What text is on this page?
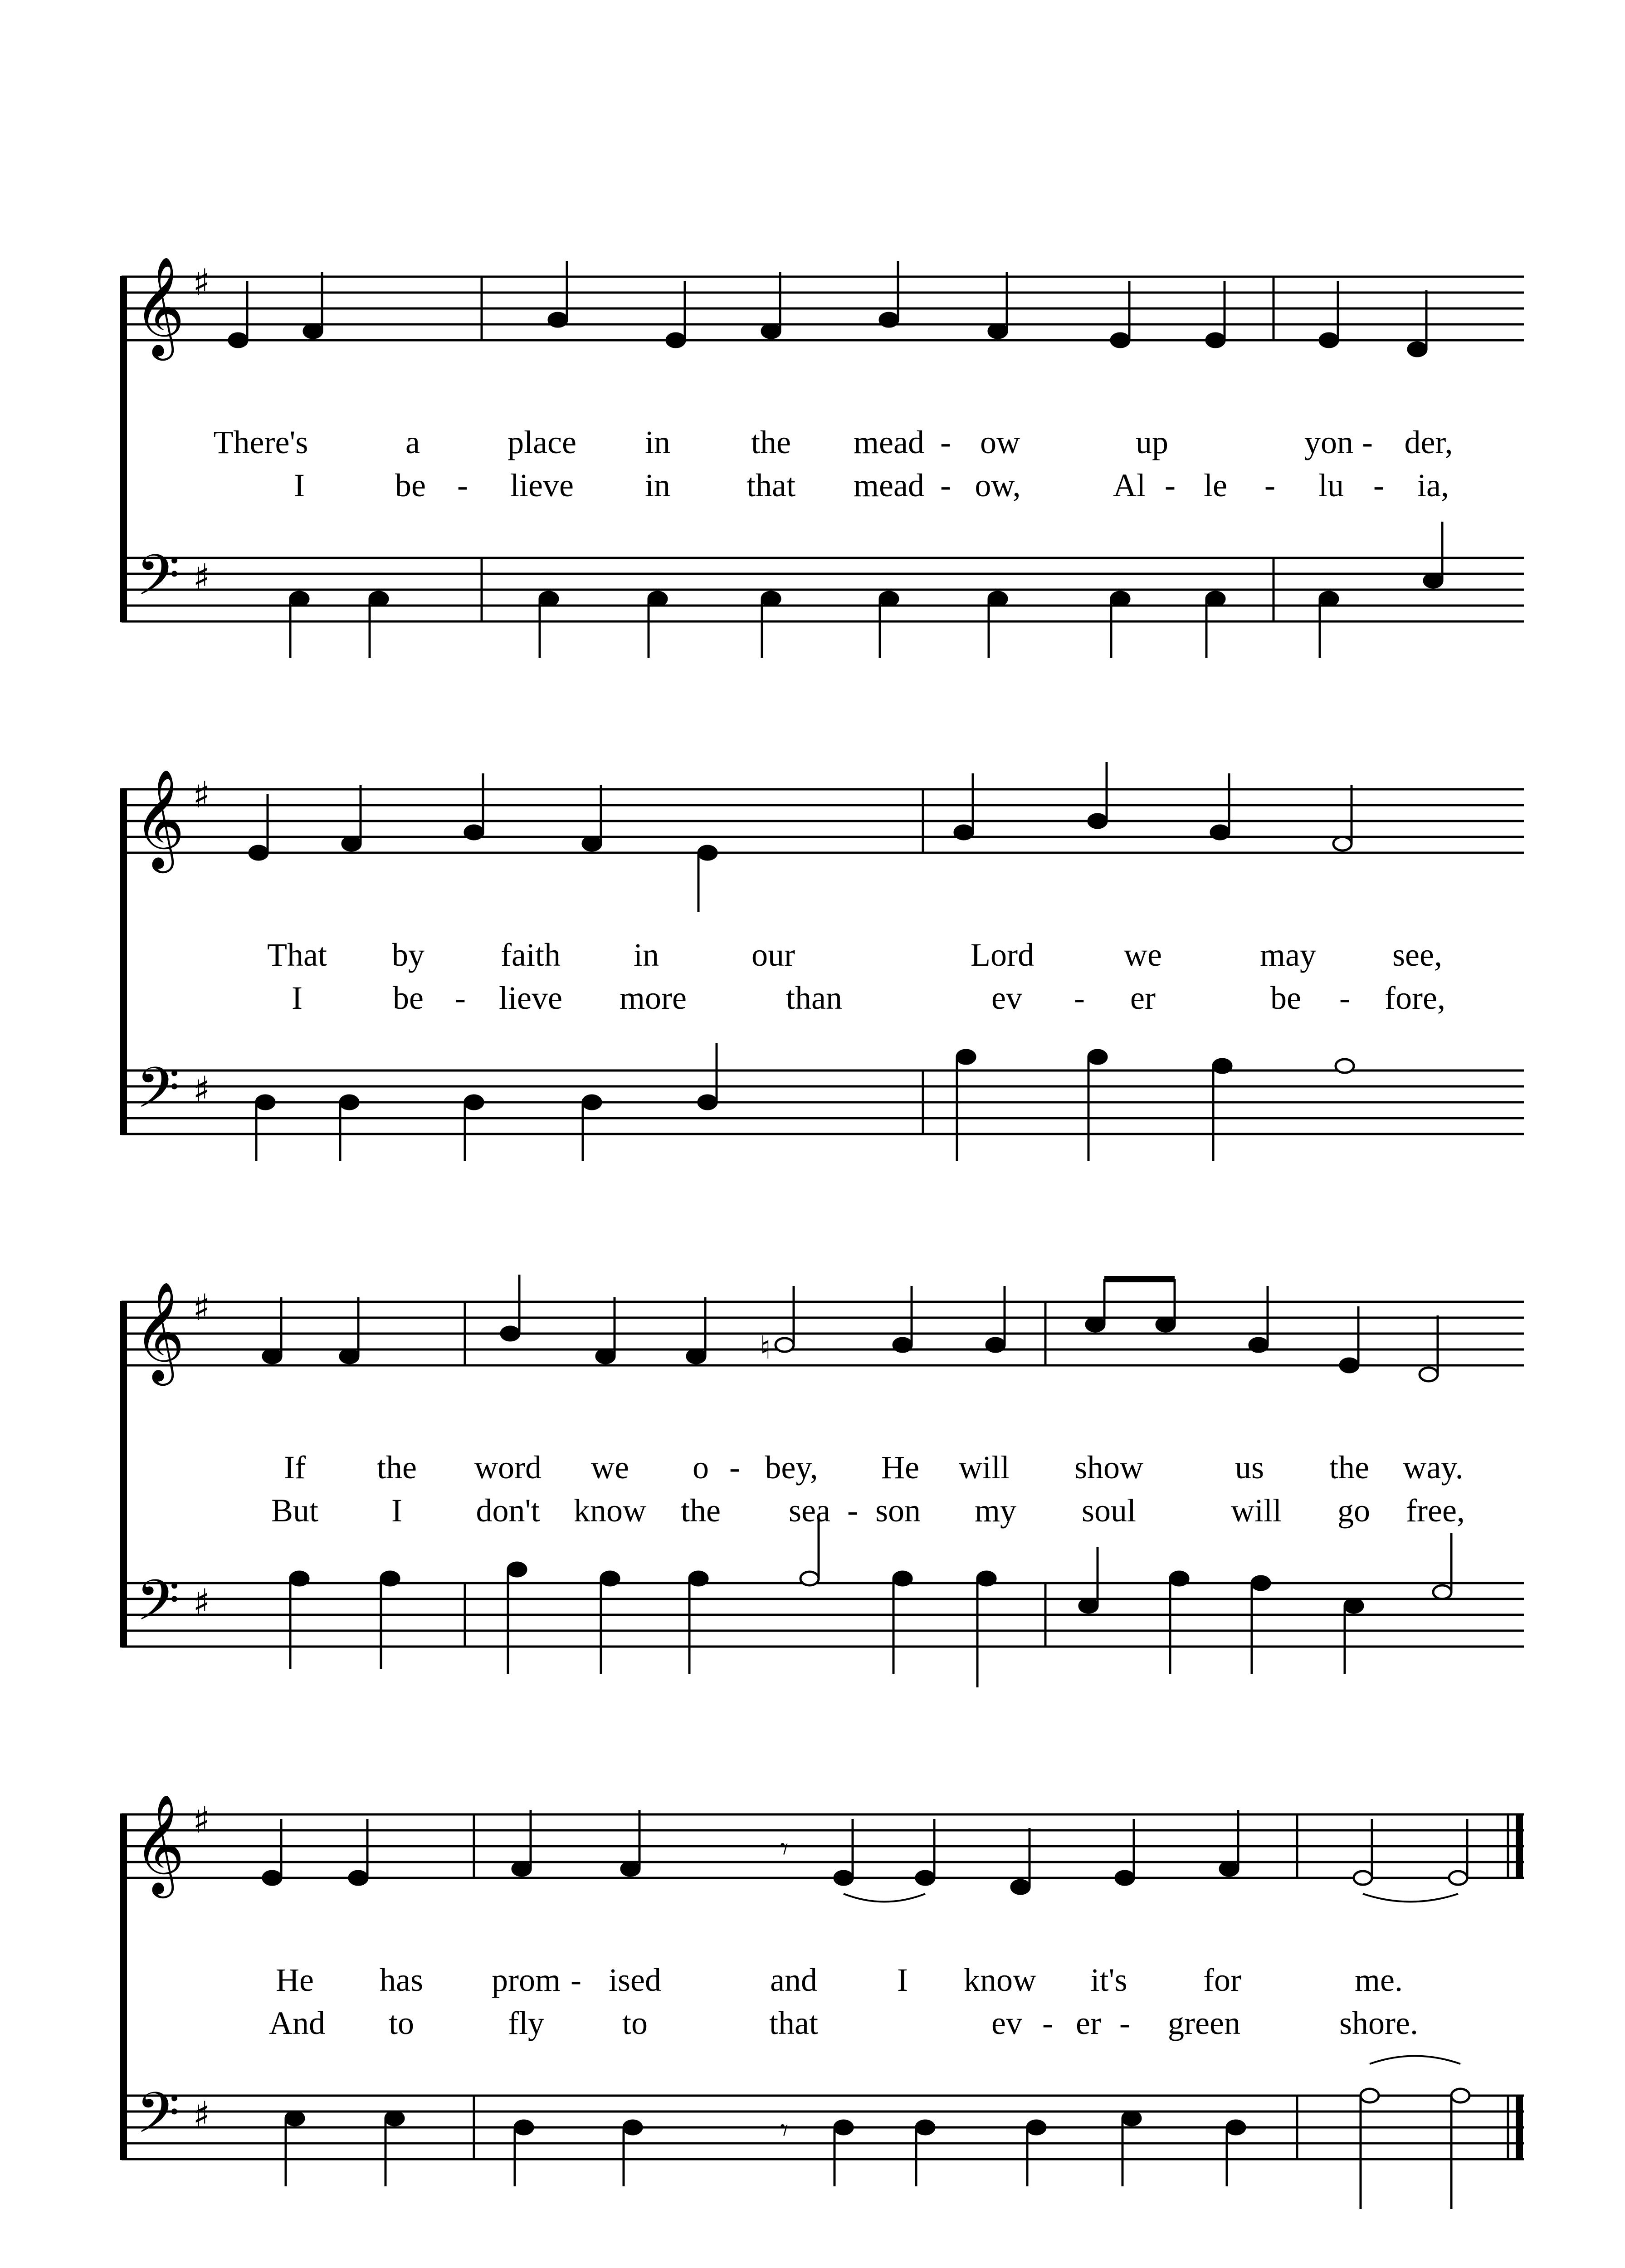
𝄞
𝄢
♯
♯
There's	a	place in the mead - ow	up	yon - der,
I	be - lieve in that mead - ow,	Al - le - lu - ia,
𝄞
𝄢
♯
♯
That by faith in	our	Lord	we	may see,
I	be - lieve more	than	ev - er	be - fore,
𝄞
𝄢
♯
♯
♮
If the word we o - bey, He will show	us the way.
But I don't know the sea - son my soul	will go free,
𝄞
𝄢
♯
♯
𝄾
𝄾
He has prom - ised	and I know it's for	me.
And to	fly to	that	ev - er - green	shore.
